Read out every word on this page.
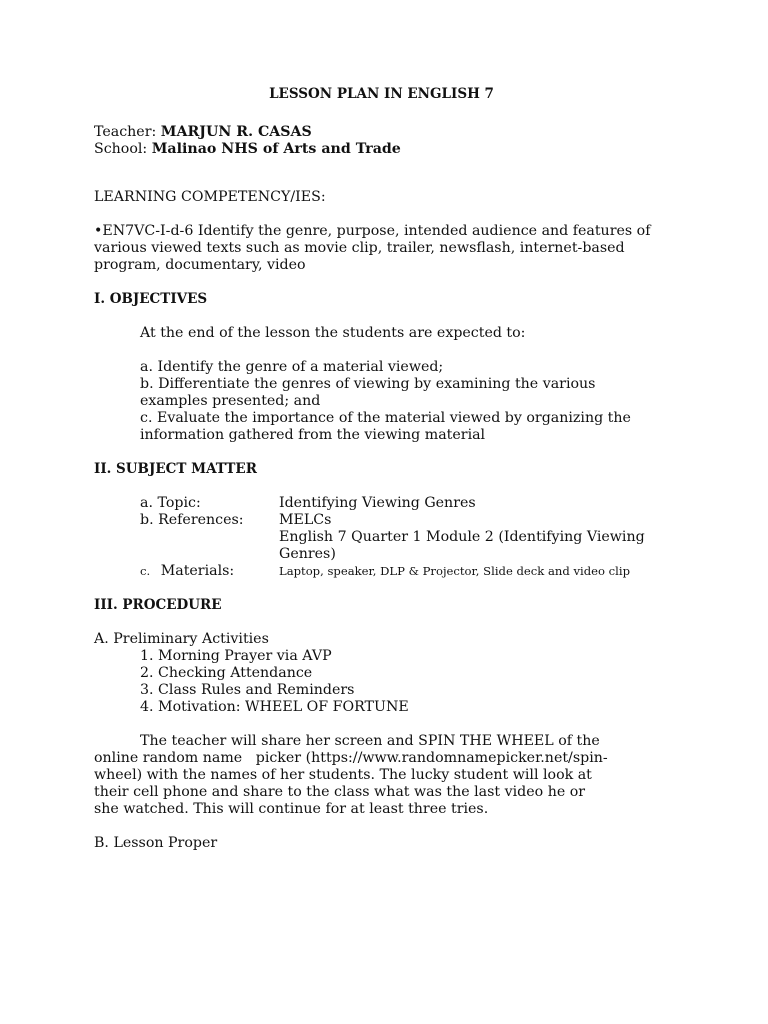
LESSON PLAN IN ENGLISH 7

Teacher: MARJUN R. CASAS

School: Malinao NHS of Arts and Trade

LEARNING COMPETENCY/IES:

•EN7VC-I-d-6 Identify the genre, purpose, intended audience and features of

various viewed texts such as movie clip, trailer, newsflash, internet-based

program, documentary, video

I. OBJECTIVES

At the end of the lesson the students are expected to:

a. Identify the genre of a material viewed;

b. Differentiate the genres of viewing by examining the various

examples presented; and

c. Evaluate the importance of the material viewed by organizing the

information gathered from the viewing material

II. SUBJECT MATTER

a. Topic:	Identifying Viewing Genres
b. References:	MELCs
English 7 Quarter 1 Module 2 (Identifying Viewing
Genres)
c. Materials:	Laptop, speaker, DLP & Projector, Slide deck and video clip

III. PROCEDURE

A. Preliminary Activities

1. Morning Prayer via AVP

2. Checking Attendance

3. Class Rules and Reminders

4. Motivation: WHEEL OF FORTUNE

The teacher will share her screen and SPIN THE WHEEL of the

online random name   picker (https://www.randomnamepicker.net/spin-

wheel) with the names of her students. The lucky student will look at

their cell phone and share to the class what was the last video he or

she watched. This will continue for at least three tries.

B. Lesson Proper
